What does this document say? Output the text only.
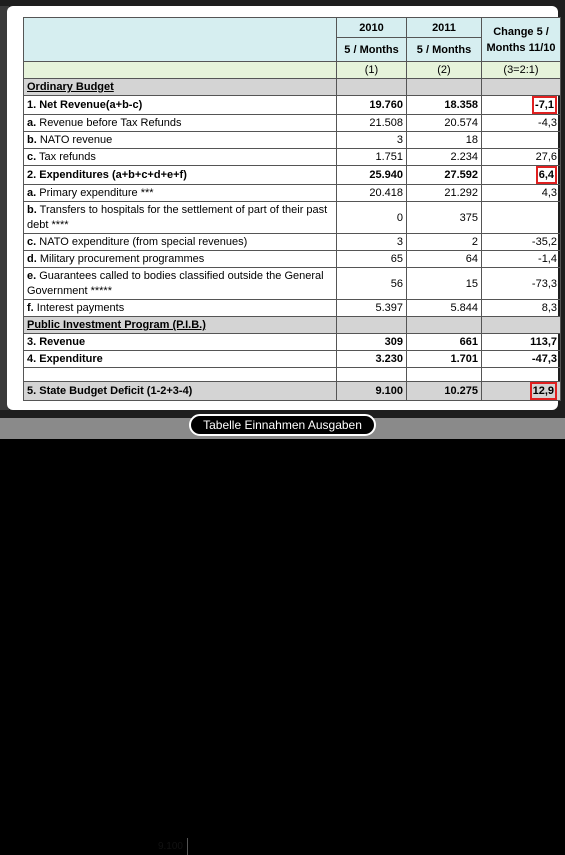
9.100
	2010	2011	Change 5 /
Months 11/10
	5 / Months	5 / Months	
	(1)	(2)	(3=2:1)
Ordinary Budget			
1. Net Revenue(a+b-c)	19.760	18.358	-7,1
a. Revenue before Tax Refunds	21.508	20.574	-4,3
b. NATO revenue	3	18	
c. Tax refunds	1.751	2.234	27,6
2. Expenditures (a+b+c+d+e+f)	25.940	27.592	6,4
a. Primary expenditure ***	20.418	21.292	4,3
b. Transfers to hospitals for the settlement of part of their past debt ****	0	375	
c. NATO expenditure (from special revenues)	3	2	-35,2
d. Military procurement programmes	65	64	-1,4
e. Guarantees called to bodies classified outside the General Government *****	56	15	-73,3
f. Interest payments	5.397	5.844	8,3
Public Investment Program (P.I.B.)			
3. Revenue	309	661	113,7
4. Expenditure	3.230	1.701	-47,3

5. State Budget Deficit (1-2+3-4)	9.100	10.275	12,9
Tabelle Einnahmen Ausgaben
